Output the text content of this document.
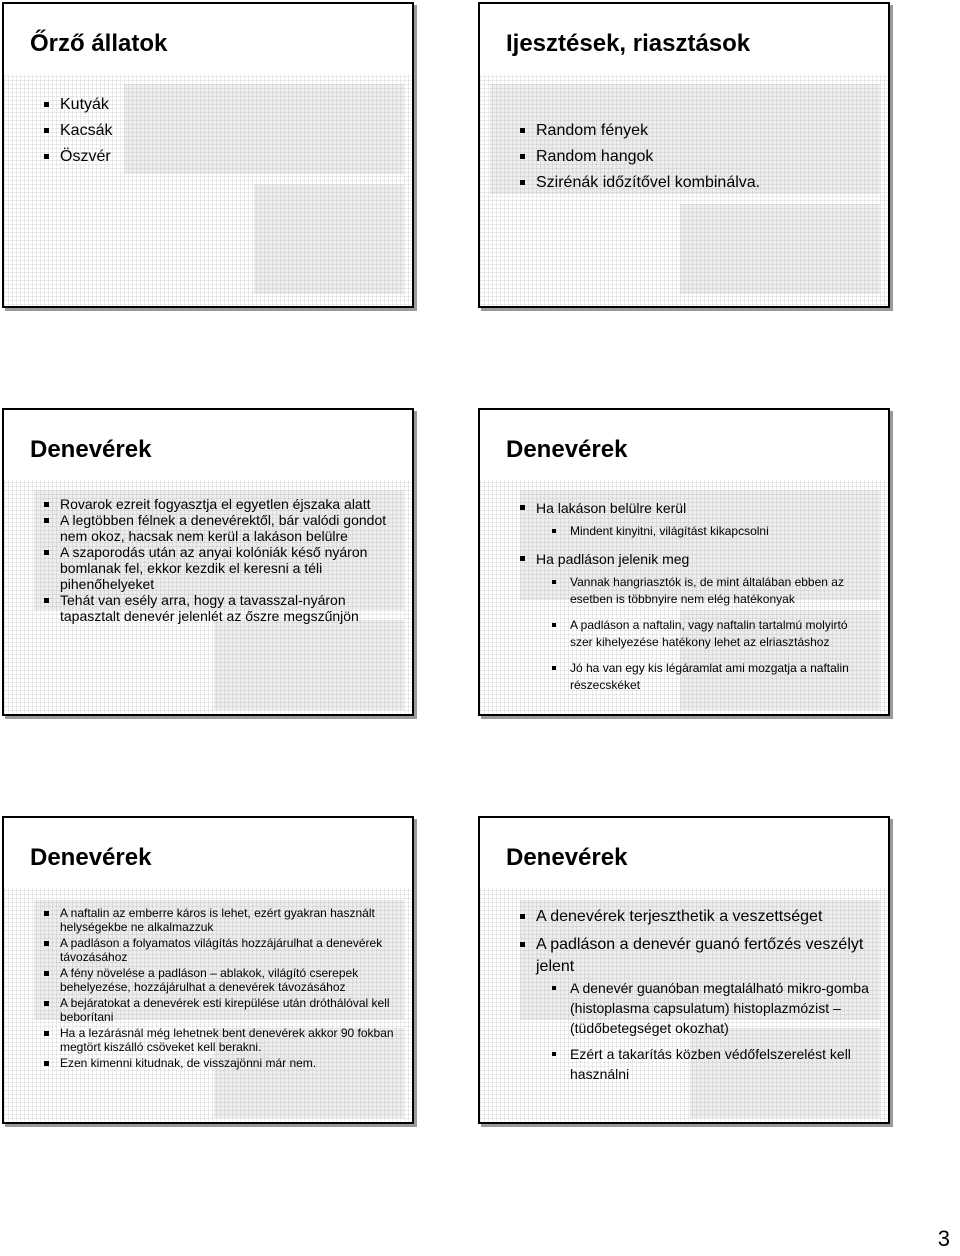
Őrző állatok
Kutyák
Kacsák
Öszvér
Ijesztések, riasztások
Random fények
Random hangok
Szirénák időzítővel kombinálva.
Denevérek
Rovarok ezreit fogyasztja el egyetlen éjszaka alatt
A legtöbben félnek a denevérektől, bár valódi gondot nem okoz, hacsak nem kerül a lakáson belülre
A szaporodás után az anyai kolóniák késő nyáron bomlanak fel, ekkor kezdik el keresni a téli pihenőhelyeket
Tehát van esély arra, hogy a tavasszal-nyáron tapasztalt denevér jelenlét az őszre megszűnjön
Denevérek
Ha lakáson belülre kerül
Mindent kinyitni, világítást kikapcsolni
Ha padláson jelenik meg
Vannak hangriasztók is, de mint általában ebben az esetben is többnyire nem elég hatékonyak
A padláson a naftalin, vagy naftalin tartalmú molyirtó szer kihelyezése hatékony lehet az elriasztáshoz
Jó ha van egy kis légáramlat ami mozgatja a naftalin részecskéket
Denevérek
A naftalin az emberre káros is lehet, ezért gyakran használt helységekbe ne alkalmazzuk
A padláson a folyamatos világítás hozzájárulhat a denevérek távozásához
A fény növelése a padláson – ablakok, világító cserepek behelyezése, hozzájárulhat a denevérek távozásához
A bejáratokat a denevérek esti kirepülése után dróthálóval kell beborítani
Ha a lezárásnál még lehetnek bent denevérek akkor 90 fokban megtört kiszálló csöveket kell berakni.
Ezen kimenni kitudnak, de visszajönni már nem.
Denevérek
A denevérek terjeszthetik a veszettséget
A padláson a denevér guanó fertőzés veszélyt jelent
A denevér guanóban megtalálható mikro-gomba (histoplasma capsulatum) histoplazmózist – (tüdőbetegséget okozhat)
Ezért a takarítás közben védőfelszerelést kell használni
3
